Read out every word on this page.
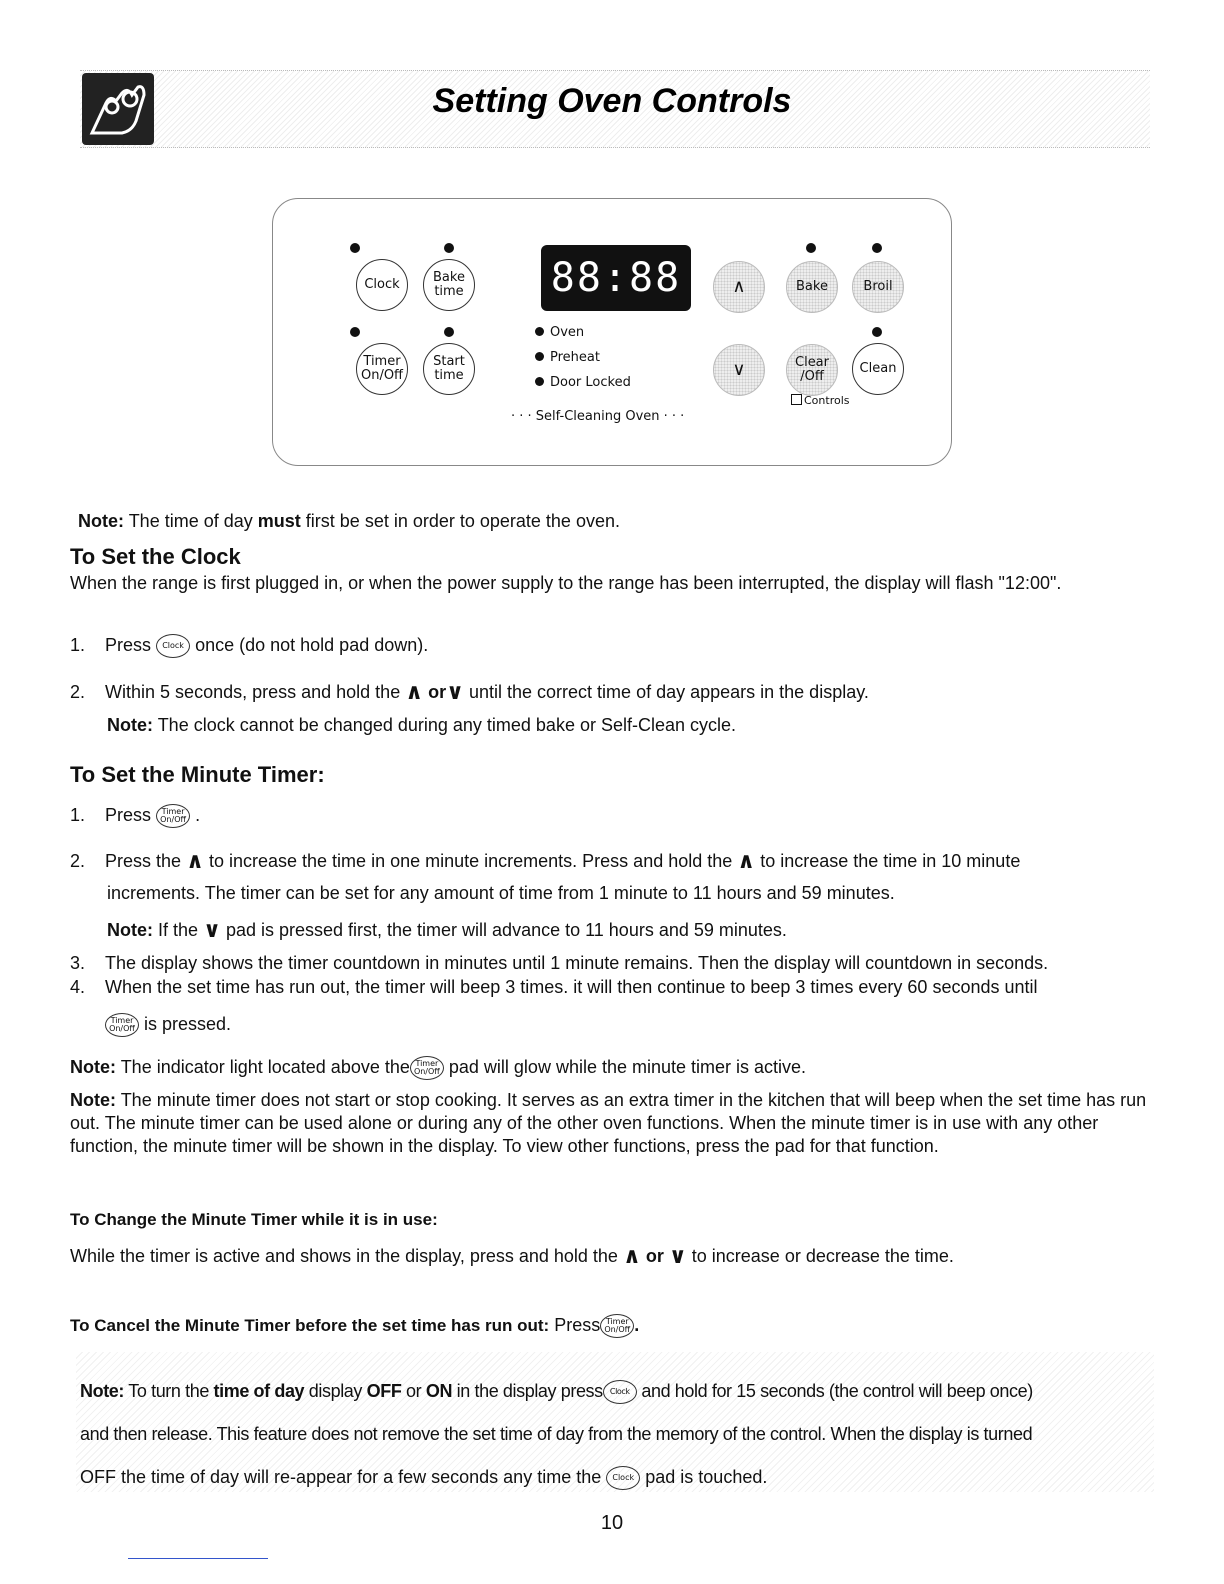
Setting Oven Controls
Clock	Bake
time
Timer
On/Off
Start
time
88:88
Oven
Preheat
Door Locked
· · · Self-Cleaning Oven · · ·
∧	Bake	Broil
∨	Clear
/Off
Clean
Controls
Note: The time of day must first be set in order to operate the oven.
To Set the Clock
When the range is first plugged in, or when the power supply to the range has been interrupted, the display will flash "12:00".
1. Press Clock once (do not hold pad down).
2. Within 5 seconds, press and hold the ∧ or∨ until the correct time of day appears in the display.
Note: The clock cannot be changed during any timed bake or Self-Clean cycle.
To Set the Minute Timer:
1. Press Timer
On/Off .
2. Press the ∧ to increase the time in one minute increments. Press and hold the ∧ to increase the time in 10 minute
increments. The timer can be set for any amount of time from 1 minute to 11 hours and 59 minutes.
Note: If the ∨ pad is pressed first, the timer will advance to 11 hours and 59 minutes.
3. The display shows the timer countdown in minutes until 1 minute remains. Then the display will countdown in seconds.
4. When the set time has run out, the timer will beep 3 times. it will then continue to beep 3 times every 60 seconds until
Timer
On/Off is pressed.
Note: The indicator light located above the Timer
On/Off pad will glow while the minute timer is active.
Note: The minute timer does not start or stop cooking. It serves as an extra timer in the kitchen that will beep when the set time has run out. The minute timer can be used alone or during any of the other oven functions. When the minute timer is in use with any other function, the minute timer will be shown in the display. To view other functions, press the pad for that function.
To Change the Minute Timer while it is in use:
While the timer is active and shows in the display, press and hold the ∧ or ∨ to increase or decrease the time.
To Cancel the Minute Timer before the set time has run out: Press Timer
On/Off .
Note: To turn the time of day display OFF or ON in the display press Clock and hold for 15 seconds (the control will beep once)
and then release. This feature does not remove the set time of day from the memory of the control. When the display is turned
OFF the time of day will re-appear for a few seconds any time the Clock pad is touched.
10
